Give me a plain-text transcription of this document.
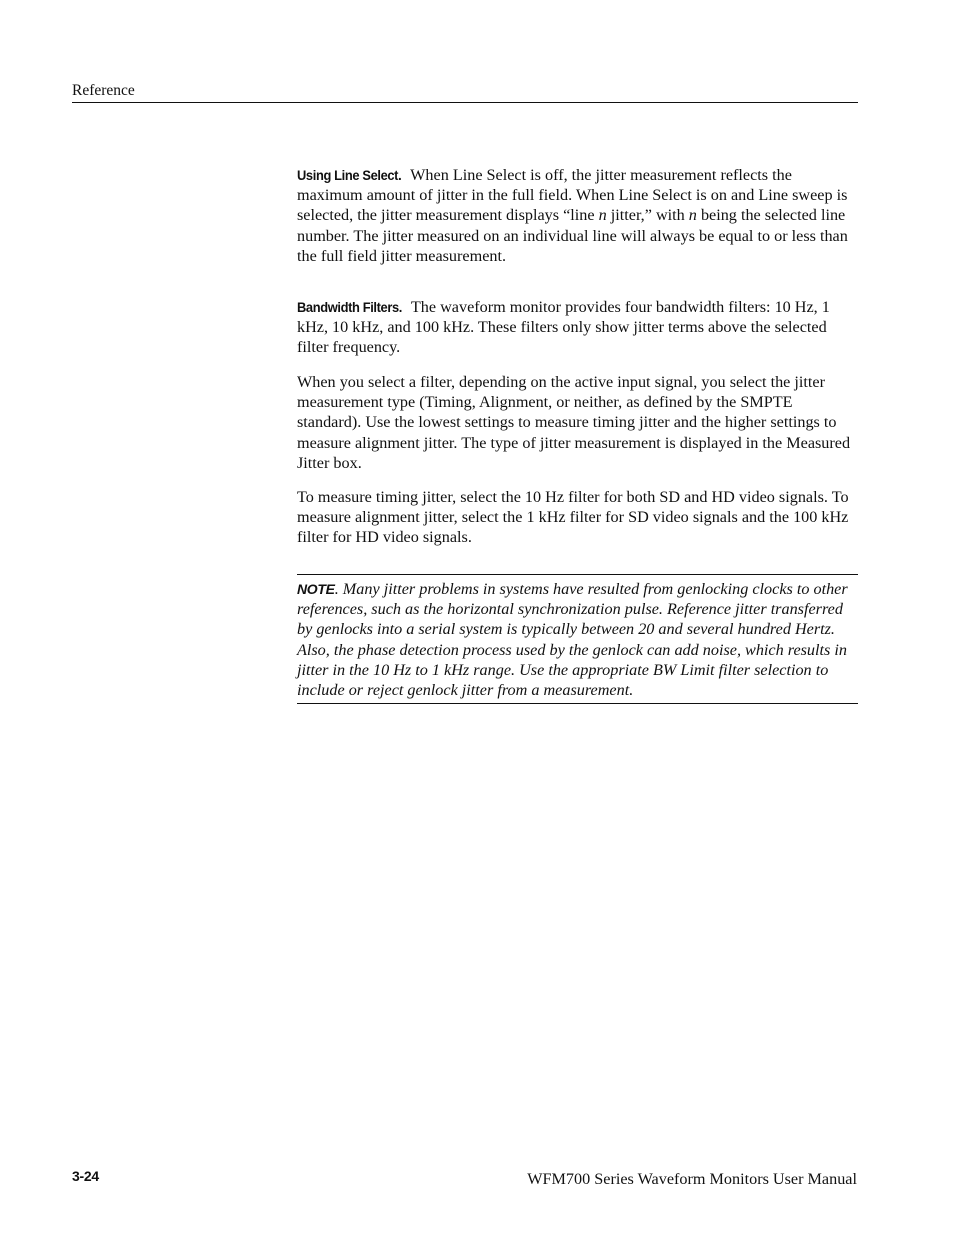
Reference

Using Line Select. When Line Select is off, the jitter measurement reflects the maximum amount of jitter in the full field. When Line Select is on and Line sweep is selected, the jitter measurement displays “line n jitter,” with n being the selected line number. The jitter measured on an individual line will always be equal to or less than the full field jitter measurement.

Bandwidth Filters. The waveform monitor provides four bandwidth filters: 10 Hz, 1 kHz, 10 kHz, and 100 kHz. These filters only show jitter terms above the selected filter frequency.

When you select a filter, depending on the active input signal, you select the jitter measurement type (Timing, Alignment, or neither, as defined by the SMPTE standard). Use the lowest settings to measure timing jitter and the higher settings to measure alignment jitter. The type of jitter measurement is displayed in the Measured Jitter box.

To measure timing jitter, select the 10 Hz filter for both SD and HD video signals. To measure alignment jitter, select the 1 kHz filter for SD video signals and the 100 kHz filter for HD video signals.

NOTE. Many jitter problems in systems have resulted from genlocking clocks to other references, such as the horizontal synchronization pulse. Reference jitter transferred by genlocks into a serial system is typically between 20 and several hundred Hertz. Also, the phase detection process used by the genlock can add noise, which results in jitter in the 10 Hz to 1 kHz range. Use the appropriate BW Limit filter selection to include or reject genlock jitter from a measurement.
3-24	WFM700 Series Waveform Monitors User Manual
